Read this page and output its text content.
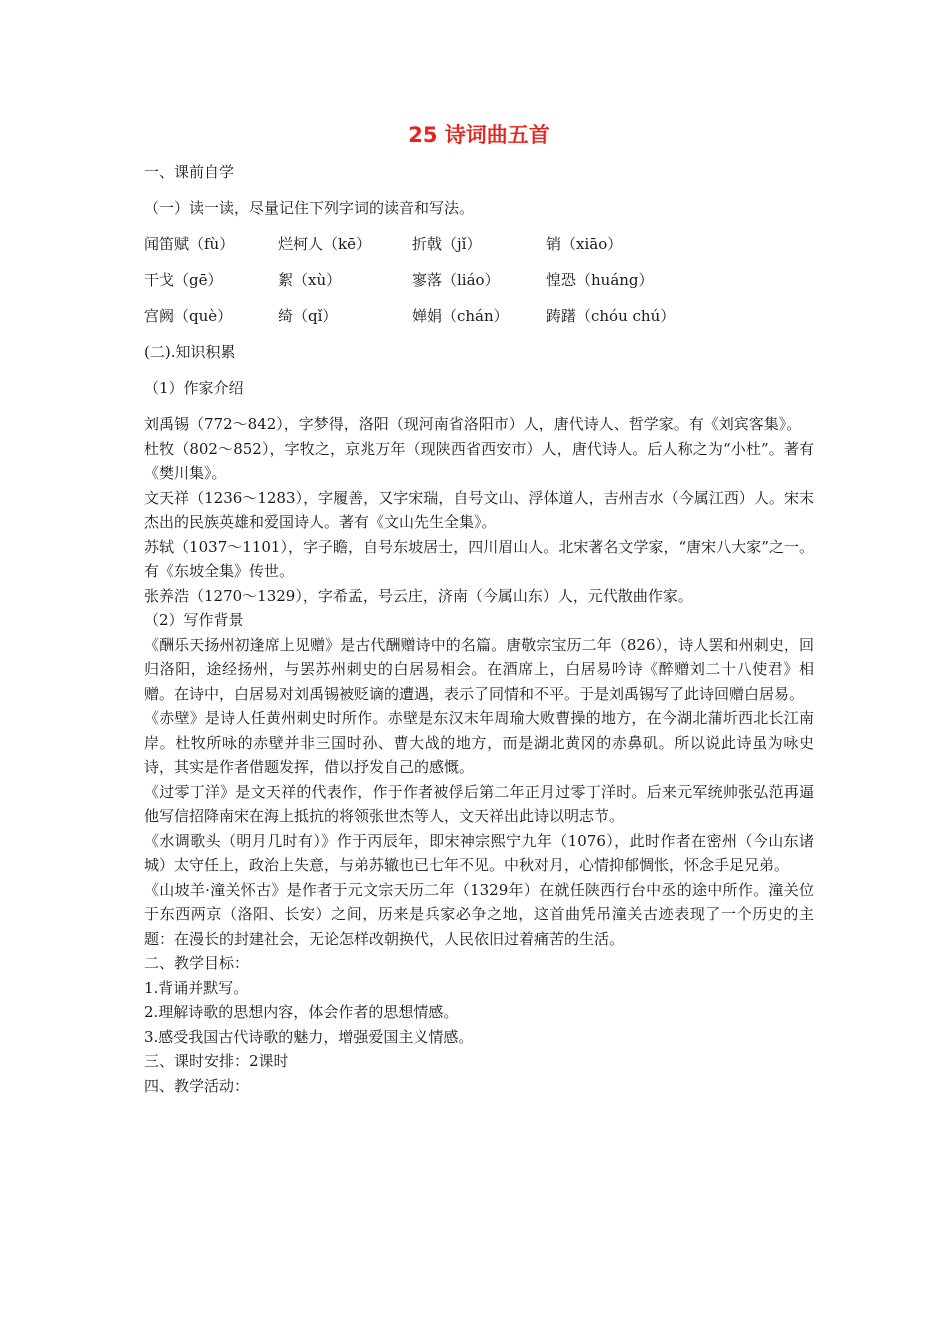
25 诗词曲五首
一、课前自学
（一）读一读，尽量记住下列字词的读音和写法。
闻笛赋（fù）	烂柯人（kē）	折戟（jǐ）	销（xiāo）
干戈（gē）	絮（xù）	寥落（liáo）	惶恐（huáng）
宫阙（què）	绮（qǐ）	婵娟（chán） 踌躇（chóu chú）
(二).知识积累
（1）作家介绍

刘禹锡（772～842），字梦得，洛阳（现河南省洛阳市）人，唐代诗人、哲学家。有《刘宾客集》。

杜牧（802～852），字牧之，京兆万年（现陕西省西安市）人，唐代诗人。后人称之为“小杜”。著有《樊川集》。

文天祥（1236～1283），字履善，又字宋瑞，自号文山、浮体道人，吉州吉水（今属江西）人。宋末杰出的民族英雄和爱国诗人。著有《文山先生全集》。

苏轼（1037～1101），字子瞻，自号东坡居士，四川眉山人。北宋著名文学家，“唐宋八大家”之一。有《东坡全集》传世。

张养浩（1270～1329），字希孟，号云庄，济南（今属山东）人，元代散曲作家。

（2）写作背景

《酬乐天扬州初逢席上见赠》是古代酬赠诗中的名篇。唐敬宗宝历二年（826），诗人罢和州刺史，回归洛阳，途经扬州，与罢苏州刺史的白居易相会。在酒席上，白居易吟诗《醉赠刘二十八使君》相赠。在诗中，白居易对刘禹锡被贬谪的遭遇，表示了同情和不平。于是刘禹锡写了此诗回赠白居易。

《赤壁》是诗人任黄州刺史时所作。赤壁是东汉末年周瑜大败曹操的地方，在今湖北蒲圻西北长江南岸。杜牧所咏的赤壁并非三国时孙、曹大战的地方，而是湖北黄冈的赤鼻矶。所以说此诗虽为咏史诗，其实是作者借题发挥，借以抒发自己的感慨。

《过零丁洋》是文天祥的代表作，作于作者被俘后第二年正月过零丁洋时。后来元军统帅张弘范再逼他写信招降南宋在海上抵抗的将领张世杰等人，文天祥出此诗以明志节。

《水调歌头（明月几时有）》作于丙辰年，即宋神宗熙宁九年（1076），此时作者在密州（今山东诸城）太守任上，政治上失意，与弟苏辙也已七年不见。中秋对月，心情抑郁惆怅，怀念手足兄弟。

《山坡羊·潼关怀古》是作者于元文宗天历二年（1329年）在就任陕西行台中丞的途中所作。潼关位于东西两京（洛阳、长安）之间，历来是兵家必争之地，这首曲凭吊潼关古迹表现了一个历史的主题：在漫长的封建社会，无论怎样改朝换代，人民依旧过着痛苦的生活。

二、教学目标：
1.背诵并默写。
2.理解诗歌的思想内容，体会作者的思想情感。
3.感受我国古代诗歌的魅力，增强爱国主义情感。
三、课时安排：2课时
四、教学活动：
